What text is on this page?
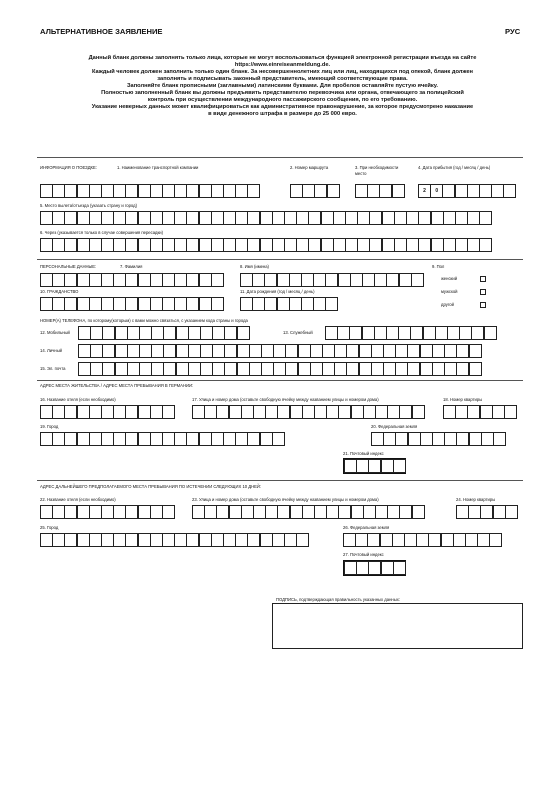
АЛЬТЕРНАТИВНОЕ ЗАЯВЛЕНИЕ	РУС
Данный бланк должны заполнять только лица, которые не могут воспользоваться функцией электронной регистрации въезда на сайте
https://www.einreiseanmeldung.de.
Каждый человек должен заполнить только один бланк. За несовершеннолетних лиц или лиц, находящихся под опекой, бланк должен
заполнять и подписывать законный представитель, имеющий соответствующие права.
Заполняйте бланк прописными (заглавными) латинскими буквами. Для пробелов оставляйте пустую ячейку.
Полностью заполненный бланк вы должны предъявить представителю перевозчика или органа, отвечающего за полицейский
контроль при осуществлении международного пассажирского сообщения, по его требованию.
Указание неверных данных может квалифицироваться как административное правонарушение, за которое предусмотрено наказание
в виде денежного штрафа в размере до 25 000 евро.
ИНФОРМАЦИЯ О ПОЕЗДКЕ:	1. Наименование транспортной компании	2. Номер маршрута	3. При необходимости
место
4. Дата прибытия (год / месяц / день)
2	0
5. Место вылета/отъезда (указать страну и город)
6. Через (указывается только в случае совершения пересадки)
ПЕРСОНАЛЬНЫЕ ДАННЫЕ:	7. Фамилия	8. Имя (имена)	9. Пол
женский
мужской
другой
10. ГРАЖДАНСТВО	11. Дата рождения (год / месяц / день)
НОМЕР(А) ТЕЛЕФОНА, по которому(которым) с вами можно связаться, с указанием кода страны и города
12. Мобильный	13. Служебный
14. Личный
15. Эл. почта
АДРЕС МЕСТА ЖИТЕЛЬСТВА / АДРЕС МЕСТА ПРЕБЫВАНИЯ В ГЕРМАНИИ:
16. Название отеля (если необходимо)	17. Улица и номер дома (оставьте свободную ячейку между названием улицы и номером дома)	18. Номер квартиры
19. Город	20. Федеральная земля
21. Почтовый индекс
АДРЕС ДАЛЬНЕЙШЕГО ПРЕДПОЛАГАЕМОГО МЕСТА ПРЕБЫВАНИЯ ПО ИСТЕЧЕНИИ СЛЕДУЮЩИХ 10 ДНЕЙ:
22. Название отеля (если необходимо)	23. Улица и номер дома (оставьте свободную ячейку между названием улицы и номером дома)	24. Номер квартиры
25. Город	26. Федеральная земля
27. Почтовый индекс
ПОДПИСЬ, подтверждающая правильность указанных данных:
